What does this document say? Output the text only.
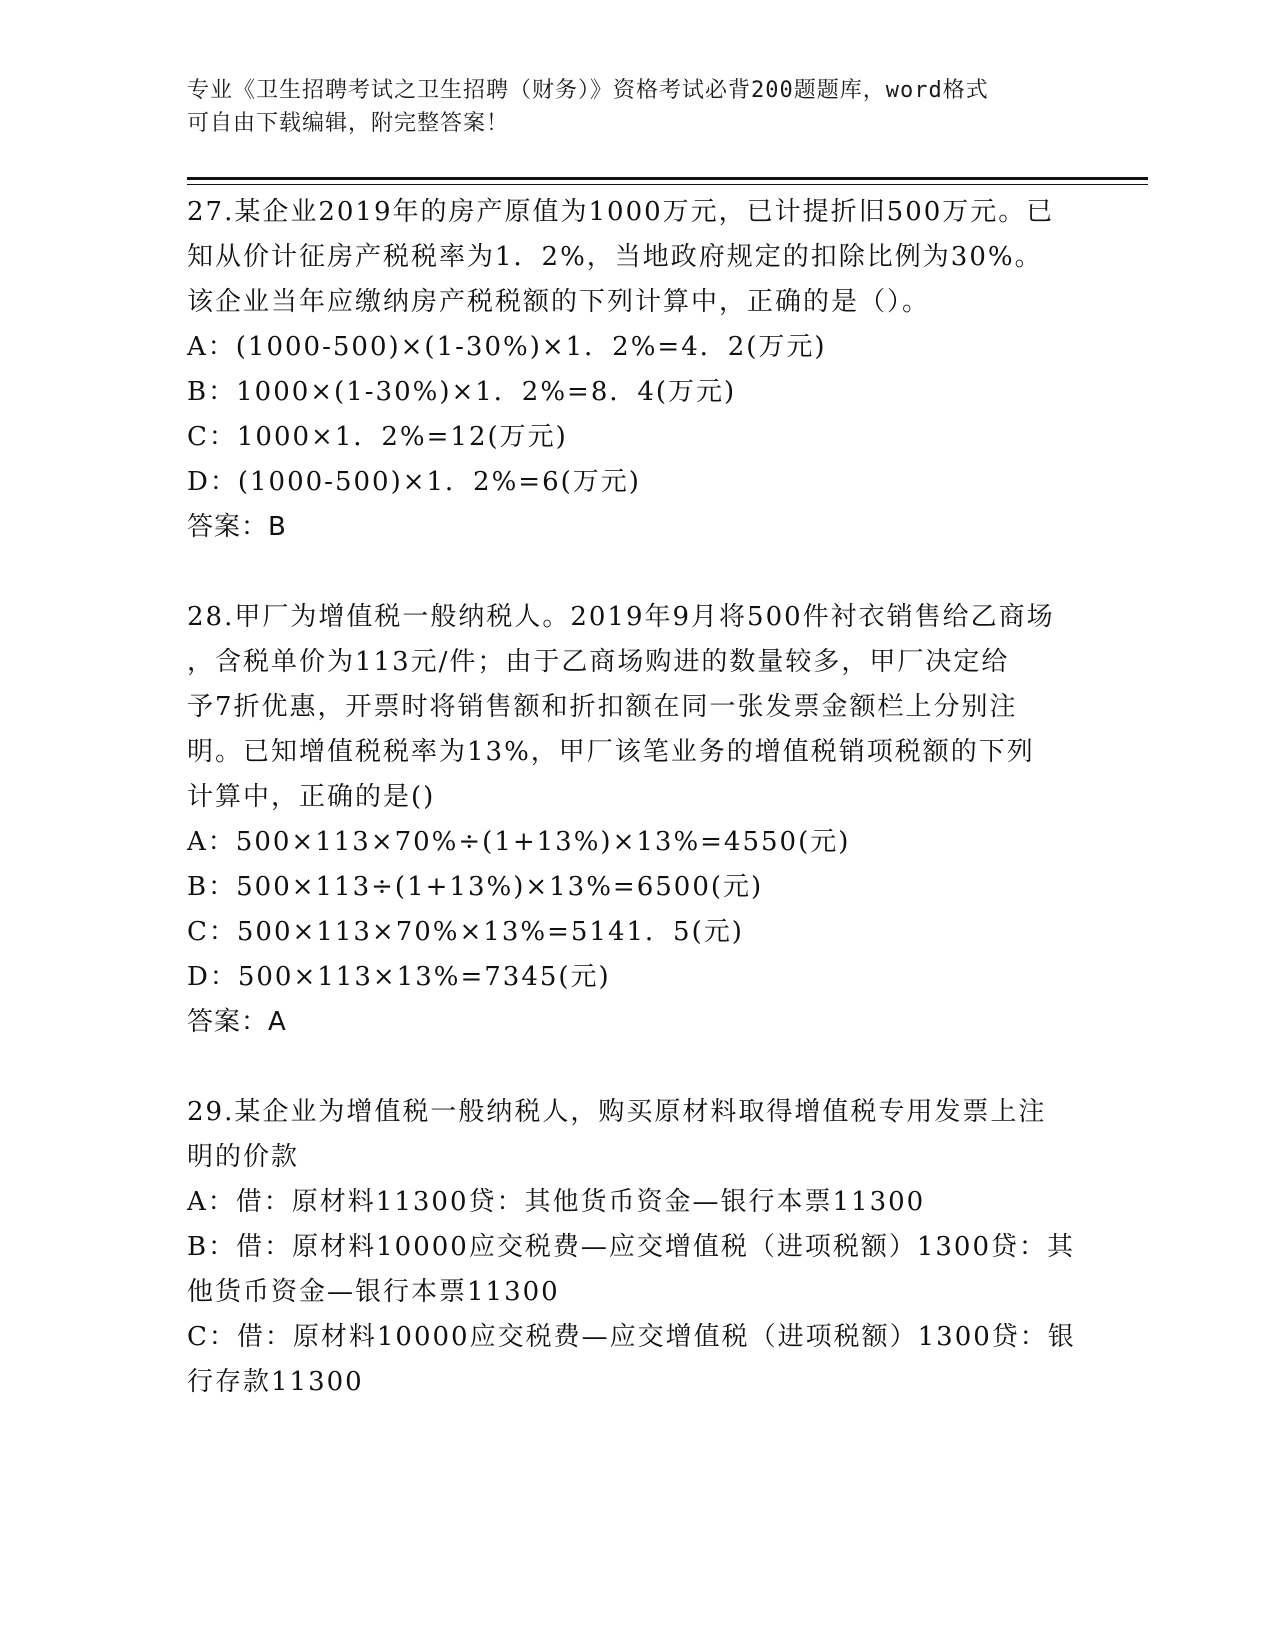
专业《卫生招聘考试之卫生招聘（财务）》资格考试必背200题题库，word格式
可自由下载编辑，附完整答案！
27.某企业2019年的房产原值为1000万元，已计提折旧500万元。已
知从价计征房产税税率为1．2%，当地政府规定的扣除比例为30%。
该企业当年应缴纳房产税税额的下列计算中，正确的是（）。
A：(1000-500)×(1-30%)×1．2%=4．2(万元)
B：1000×(1-30%)×1．2%=8．4(万元)
C：1000×1．2%=12(万元)
D：(1000-500)×1．2%=6(万元)
答案：B
28.甲厂为增值税一般纳税人。2019年9月将500件衬衣销售给乙商场
，含税单价为113元/件；由于乙商场购进的数量较多，甲厂决定给
予7折优惠，开票时将销售额和折扣额在同一张发票金额栏上分别注
明。已知增值税税率为13%，甲厂该笔业务的增值税销项税额的下列
计算中，正确的是()
A：500×113×70%÷(1+13%)×13%=4550(元)
B：500×113÷(1+13%)×13%=6500(元)
C：500×113×70%×13%=5141．5(元)
D：500×113×13%=7345(元)
答案：A
29.某企业为增值税一般纳税人，购买原材料取得增值税专用发票上注
明的价款
A：借：原材料11300贷：其他货币资金—银行本票11300
B：借：原材料10000应交税费—应交增值税（进项税额）1300贷：其
他货币资金—银行本票11300
C：借：原材料10000应交税费—应交增值税（进项税额）1300贷：银
行存款11300
